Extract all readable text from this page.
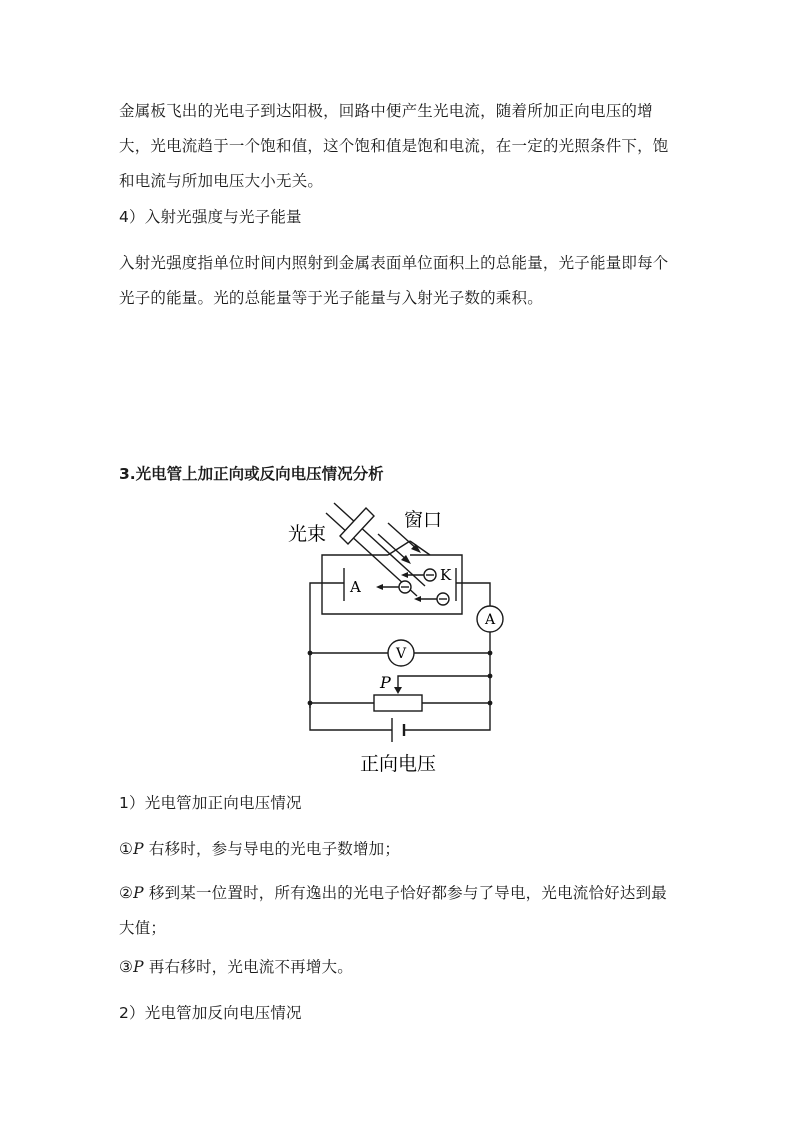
金属板飞出的光电子到达阳极，回路中便产生光电流，随着所加正向电压的增大，光电流趋于一个饱和值，这个饱和值是饱和电流，在一定的光照条件下，饱和电流与所加电压大小无关。

4）入射光强度与光子能量

入射光强度指单位时间内照射到金属表面单位面积上的总能量，光子能量即每个光子的能量。光的总能量等于光子能量与入射光子数的乘积。

3.光电管上加正向或反向电压情况分析

光束
窗口
A
K
A
V
P
正向电压

1）光电管加正向电压情况

①P 右移时，参与导电的光电子数增加；

②P 移到某一位置时，所有逸出的光电子恰好都参与了导电，光电流恰好达到最大值；

③P 再右移时，光电流不再增大。

2）光电管加反向电压情况
